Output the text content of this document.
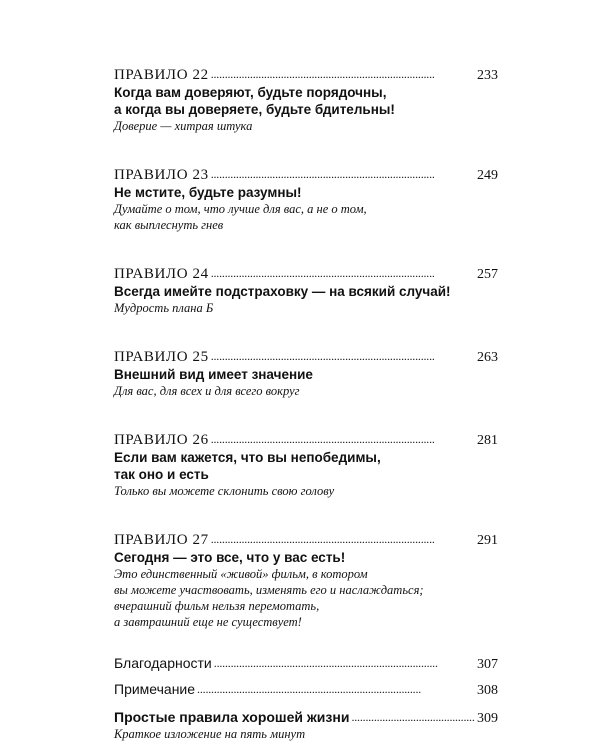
ПРАВИЛО 22 . . .	233
Когда вам доверяют, будьте порядочны,
а когда вы доверяете, будьте бдительны!
Доверие — хитрая штука
ПРАВИЛО 23 . . .	249
Не мстите, будьте разумны!
Думайте о том, что лучше для вас, а не о том,
как выплеснуть гнев
ПРАВИЛО 24 . . .	257
Всегда имейте подстраховку — на всякий случай!
Мудрость плана Б
ПРАВИЛО 25 . . .	263
Внешний вид имеет значение
Для вас, для всех и для всего вокруг
ПРАВИЛО 26 . . .	281
Если вам кажется, что вы непобедимы,
так оно и есть
Только вы можете склонить свою голову
ПРАВИЛО 27 . . .	291
Сегодня — это все, что у вас есть!
Это единственный «живой» фильм, в котором
вы можете участвовать, изменять его и наслаждаться;
вчерашний фильм нельзя перемотать,
а завтрашний еще не существует!
Благодарности . . .	307
Примечание . . .	308
Простые правила хорошей жизни . . .	309
Краткое изложение на пять минут
